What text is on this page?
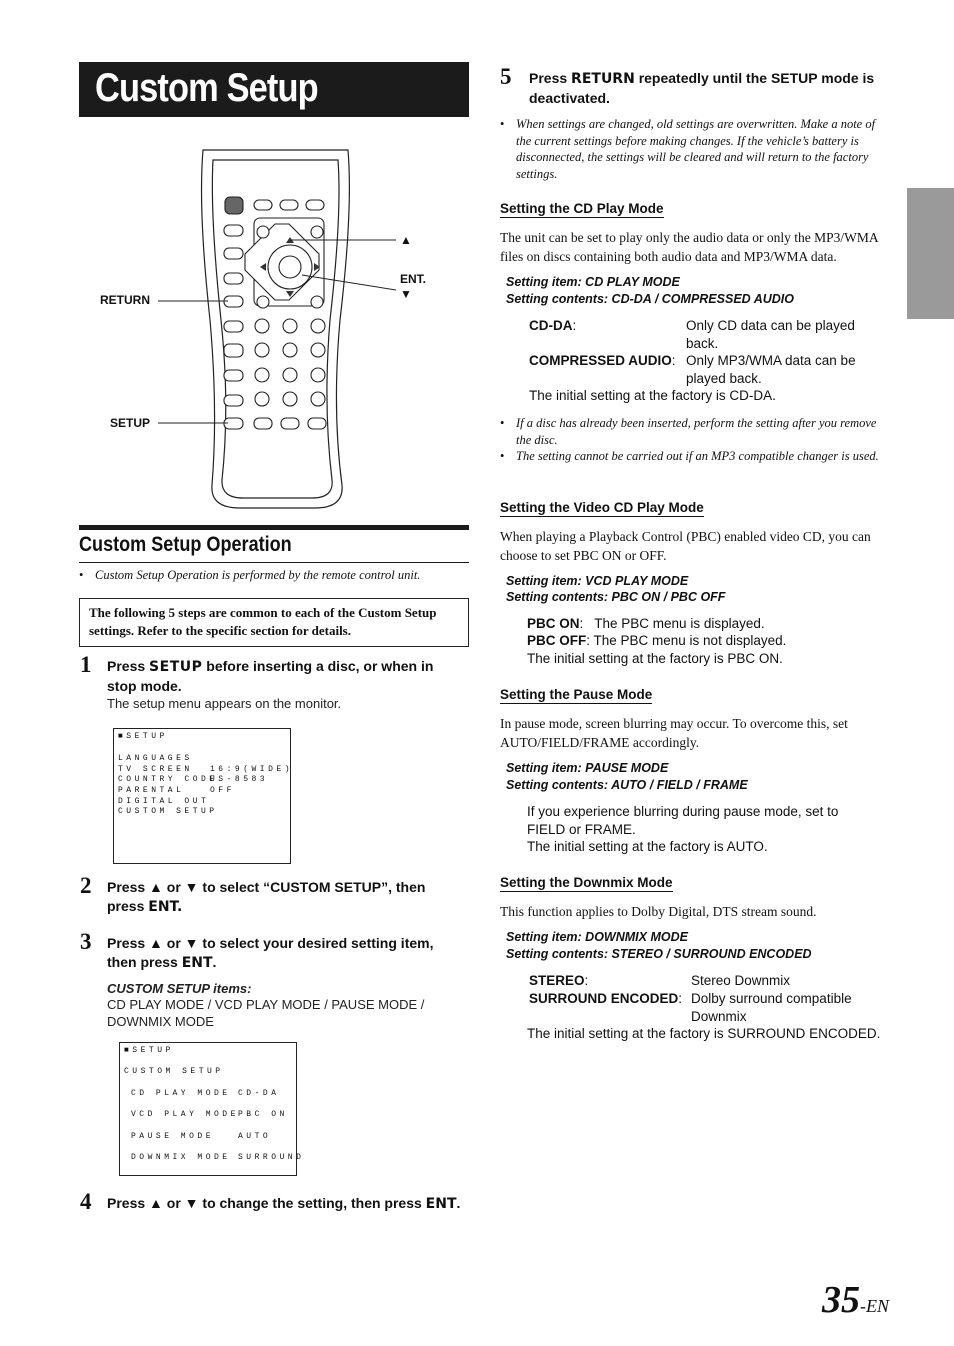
Custom Setup
▲
ENT.
▼
RETURN
SETUP
Custom Setup Operation
• Custom Setup Operation is performed by the remote control unit.

The following 5 steps are common to each of the Custom Setup settings. Refer to the specific section for details.

1 Press SETUP before inserting a disc, or when in stop mode.
The setup menu appears on the monitor.

■SETUP

LANGUAGES

TV SCREEN 16:9(WIDE)

COUNTRY CODE
US-8583

PARENTAL	OFF

DIGITAL OUT

CUSTOM SETUP

2 Press ▲ or ▼ to select “CUSTOM SETUP”, then press ENT.
3 Press ▲ or ▼ to select your desired setting item, then press ENT.
CUSTOM SETUP items:
CD PLAY MODE / VCD PLAY MODE / PAUSE MODE / DOWNMIX MODE

■SETUP

CUSTOM SETUP

CD PLAY MODE CD-DA

VCD PLAY MODE PBC ON

PAUSE MODE	AUTO

DOWNMIX MODE SURROUND

4 Press ▲ or ▼ to change the setting, then press ENT.
5 Press RETURN repeatedly until the SETUP mode is deactivated.
• When settings are changed, old settings are overwritten. Make a note of the current settings before making changes. If the vehicle’s battery is disconnected, the settings will be cleared and will return to the factory settings.
Setting the CD Play Mode
The unit can be set to play only the audio data or only the MP3/WMA files on discs containing both audio data and MP3/WMA data.
Setting item: CD PLAY MODE
Setting contents: CD-DA / COMPRESSED AUDIO
CD-DA:	Only CD data can be played back.
COMPRESSED AUDIO: Only MP3/WMA data can be played back.
The initial setting at the factory is CD-DA.
• If a disc has already been inserted, perform the setting after you remove the disc.
• The setting cannot be carried out if an MP3 compatible changer is used.
Setting the Video CD Play Mode
When playing a Playback Control (PBC) enabled video CD, you can choose to set PBC ON or OFF.
Setting item: VCD PLAY MODE
Setting contents: PBC ON / PBC OFF
PBC ON:   The PBC menu is displayed.
PBC OFF: The PBC menu is not displayed.
The initial setting at the factory is PBC ON.
Setting the Pause Mode
In pause mode, screen blurring may occur. To overcome this, set AUTO/FIELD/FRAME accordingly.
Setting item: PAUSE MODE
Setting contents: AUTO / FIELD / FRAME
If you experience blurring during pause mode, set to FIELD or FRAME.
The initial setting at the factory is AUTO.
Setting the Downmix Mode
This function applies to Dolby Digital, DTS stream sound.
Setting item: DOWNMIX MODE
Setting contents: STEREO / SURROUND ENCODED
STEREO:	Stereo Downmix
SURROUND ENCODED: Dolby surround compatible Downmix
The initial setting at the factory is SURROUND ENCODED.
35-EN
